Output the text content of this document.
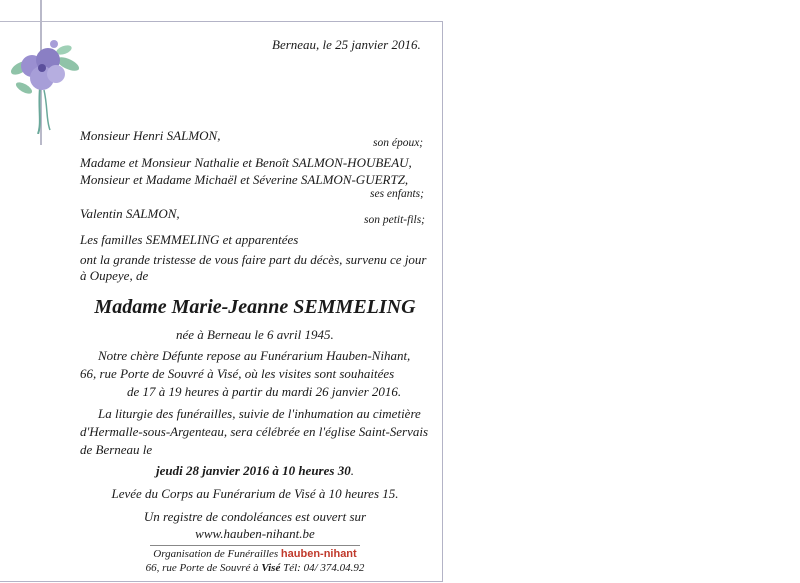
Berneau, le 25 janvier 2016.
Monsieur Henri SALMON,	son époux;
Madame et Monsieur Nathalie et Benoît SALMON-HOUBEAU,
Monsieur et Madame Michaël et Séverine SALMON-GUERTZ,
ses enfants;
Valentin SALMON,	son petit-fils;
Les familles SEMMELING et apparentées
ont la grande tristesse de vous faire part du décès, survenu ce jour
à Oupeye, de
Madame Marie-Jeanne SEMMELING
née à Berneau le 6 avril 1945.
Notre chère Défunte repose au Funérarium Hauben-Nihant,
66, rue Porte de Souvré à Visé, où les visites sont souhaitées
de 17 à 19 heures à partir du mardi 26 janvier 2016.
La liturgie des funérailles, suivie de l'inhumation au cimetière
d'Hermalle-sous-Argenteau, sera célébrée en l'église Saint-Servais
de Berneau le
jeudi 28 janvier 2016 à 10 heures 30.
Levée du Corps au Funérarium de Visé à 10 heures 15.
Un registre de condoléances est ouvert sur
www.hauben-nihant.be
Organisation de Funérailles hauben-nihant
66, rue Porte de Souvré à Visé Tél: 04/ 374.04.92
